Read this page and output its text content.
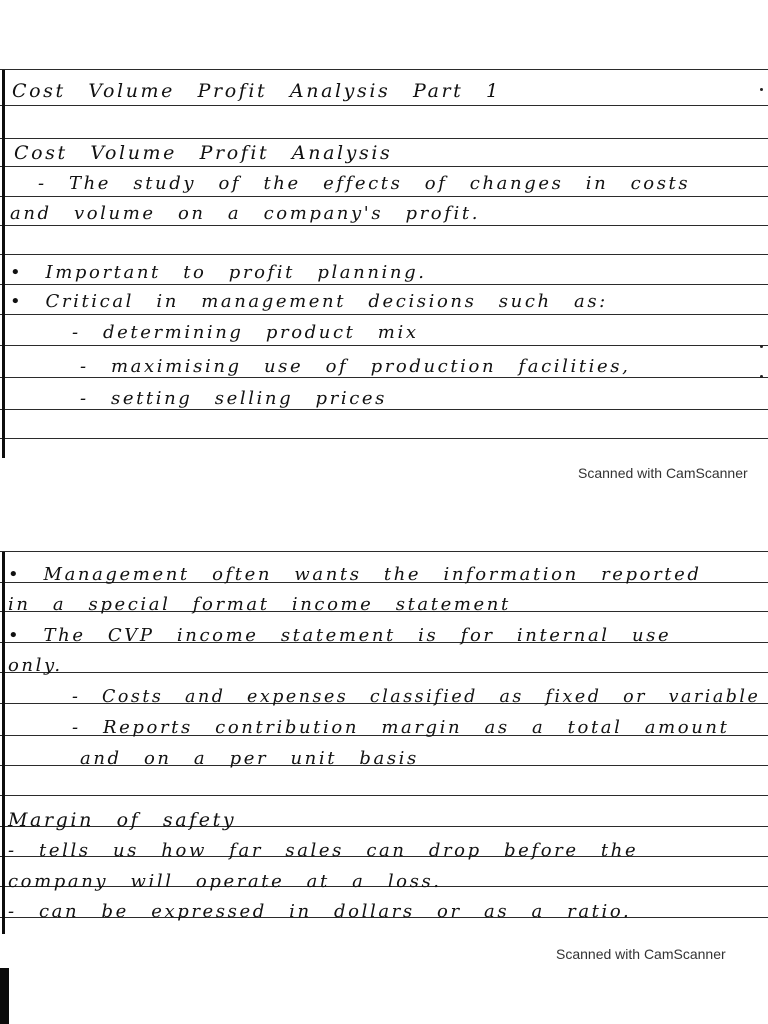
Cost Volume Profit Analysis Part 1
Cost Volume Profit Analysis
- The study of the effects of changes in costs
and volume on a company's profit.
• Important to profit planning.
• Critical in management decisions such as:
- determining product mix
- maximising use of production facilities,
- setting selling prices
Scanned with CamScanner
• Management often wants the information reported
in a special format income statement
• The CVP income statement is for internal use
only.
- Costs and expenses classified as fixed or variable
- Reports contribution margin as a total amount
and on a per unit basis
Margin of safety
- tells us how far sales can drop before the
company will operate at a loss.
- can be expressed in dollars or as a ratio.
Scanned with CamScanner
